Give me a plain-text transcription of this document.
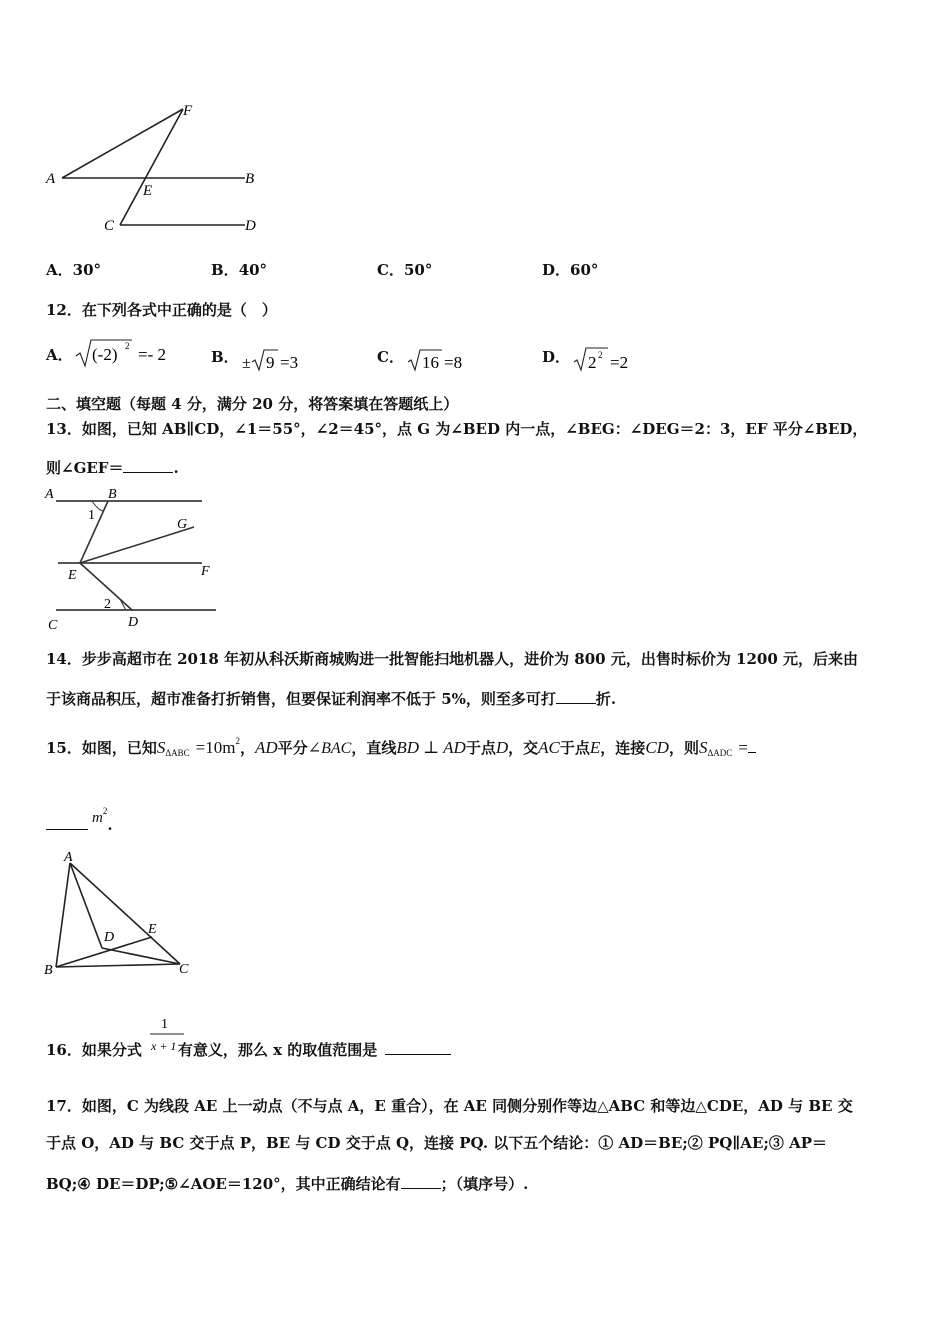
A	B
C	D
E
F
A．30°	B．40°	C．50°	D．60°
12．在下列各式中正确的是（　）
A． (-2) 2 =- 2	B． ± 9 =3	C． 16 =8	D． 2 2 =2
二、填空题（每题 4 分，满分 20 分，将答案填在答题纸上）
13．如图，已知 AB∥CD，∠1＝55°，∠2＝45°，点 G 为∠BED 内一点，∠BEG：∠DEG＝2：3，EF 平分∠BED，
则∠GEF＝	.
A	B
1
G
E	F
2
C	D
14．步步高超市在 2018 年初从科沃斯商城购进一批智能扫地机器人，进价为 800 元，出售时标价为 1200 元，后来由
于该商品积压，超市准备打折销售，但要保证利润率不低于 5%，则至多可打	折.
15．如图，已知$S_{\Delta ABC} =10m^2$，AD平分∠BAC，直线BD ⊥ AD于点D，交AC于点E，连接CD，则$S_{\Delta ADC}$ =
$m^2$.
A
B	C
D
E
16．如果分式 有意义，那么 x 的取值范围是
1
x + 1
17．如图，C 为线段 AE 上一动点（不与点 A，E 重合），在 AE 同侧分别作等边△ABC 和等边△CDE，AD 与 BE 交
于点 O，AD 与 BC 交于点 P，BE 与 CD 交于点 Q，连接 PQ. 以下五个结论：① AD＝BE;② PQ∥AE;③ AP＝
BQ;④ DE＝DP;⑤∠AOE＝120°，其中正确结论有	；（填序号）.
